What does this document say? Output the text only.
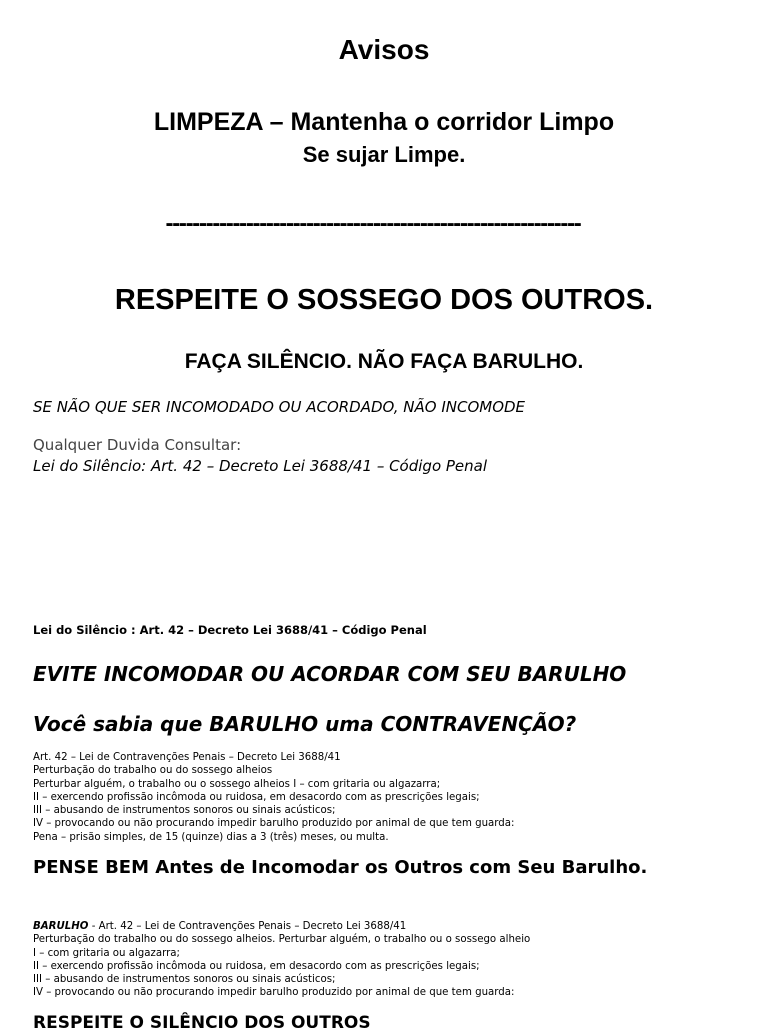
Avisos
LIMPEZA – Mantenha o corridor Limpo

Se sujar Limpe.

--------------------------------------------------------------

RESPEITE O SOSSEGO DOS OUTROS.
FAÇA SILÊNCIO. NÃO FAÇA BARULHO.

SE NÃO QUE SER INCOMODADO OU ACORDADO, NÃO INCOMODE

Qualquer Duvida Consultar:

Lei do Silêncio: Art. 42 – Decreto Lei 3688/41 – Código Penal

Lei do Silêncio : Art. 42 – Decreto Lei 3688/41 – Código Penal

EVITE INCOMODAR OU ACORDAR COM SEU BARULHO
Você sabia que BARULHO uma CONTRAVENÇÃO?
Art. 42 – Lei de Contravenções Penais – Decreto Lei 3688/41
Perturbação do trabalho ou do sossego alheios
Perturbar alguém, o trabalho ou o sossego alheios I – com gritaria ou algazarra;
II – exercendo profissão incômoda ou ruidosa, em desacordo com as prescrições legais;
III – abusando de instrumentos sonoros ou sinais acústicos;
IV – provocando ou não procurando impedir barulho produzido por animal de que tem guarda:
Pena – prisão simples, de 15 (quinze) dias a 3 (três) meses, ou multa.
PENSE BEM Antes de Incomodar os Outros com Seu Barulho.
BARULHO - Art. 42 – Lei de Contravenções Penais – Decreto Lei 3688/41
Perturbação do trabalho ou do sossego alheios. Perturbar alguém, o trabalho ou o sossego alheio
I – com gritaria ou algazarra;
II – exercendo profissão incômoda ou ruidosa, em desacordo com as prescrições legais;
III – abusando de instrumentos sonoros ou sinais acústicos;
IV – provocando ou não procurando impedir barulho produzido por animal de que tem guarda:
RESPEITE O SILÊNCIO DOS OUTROS
